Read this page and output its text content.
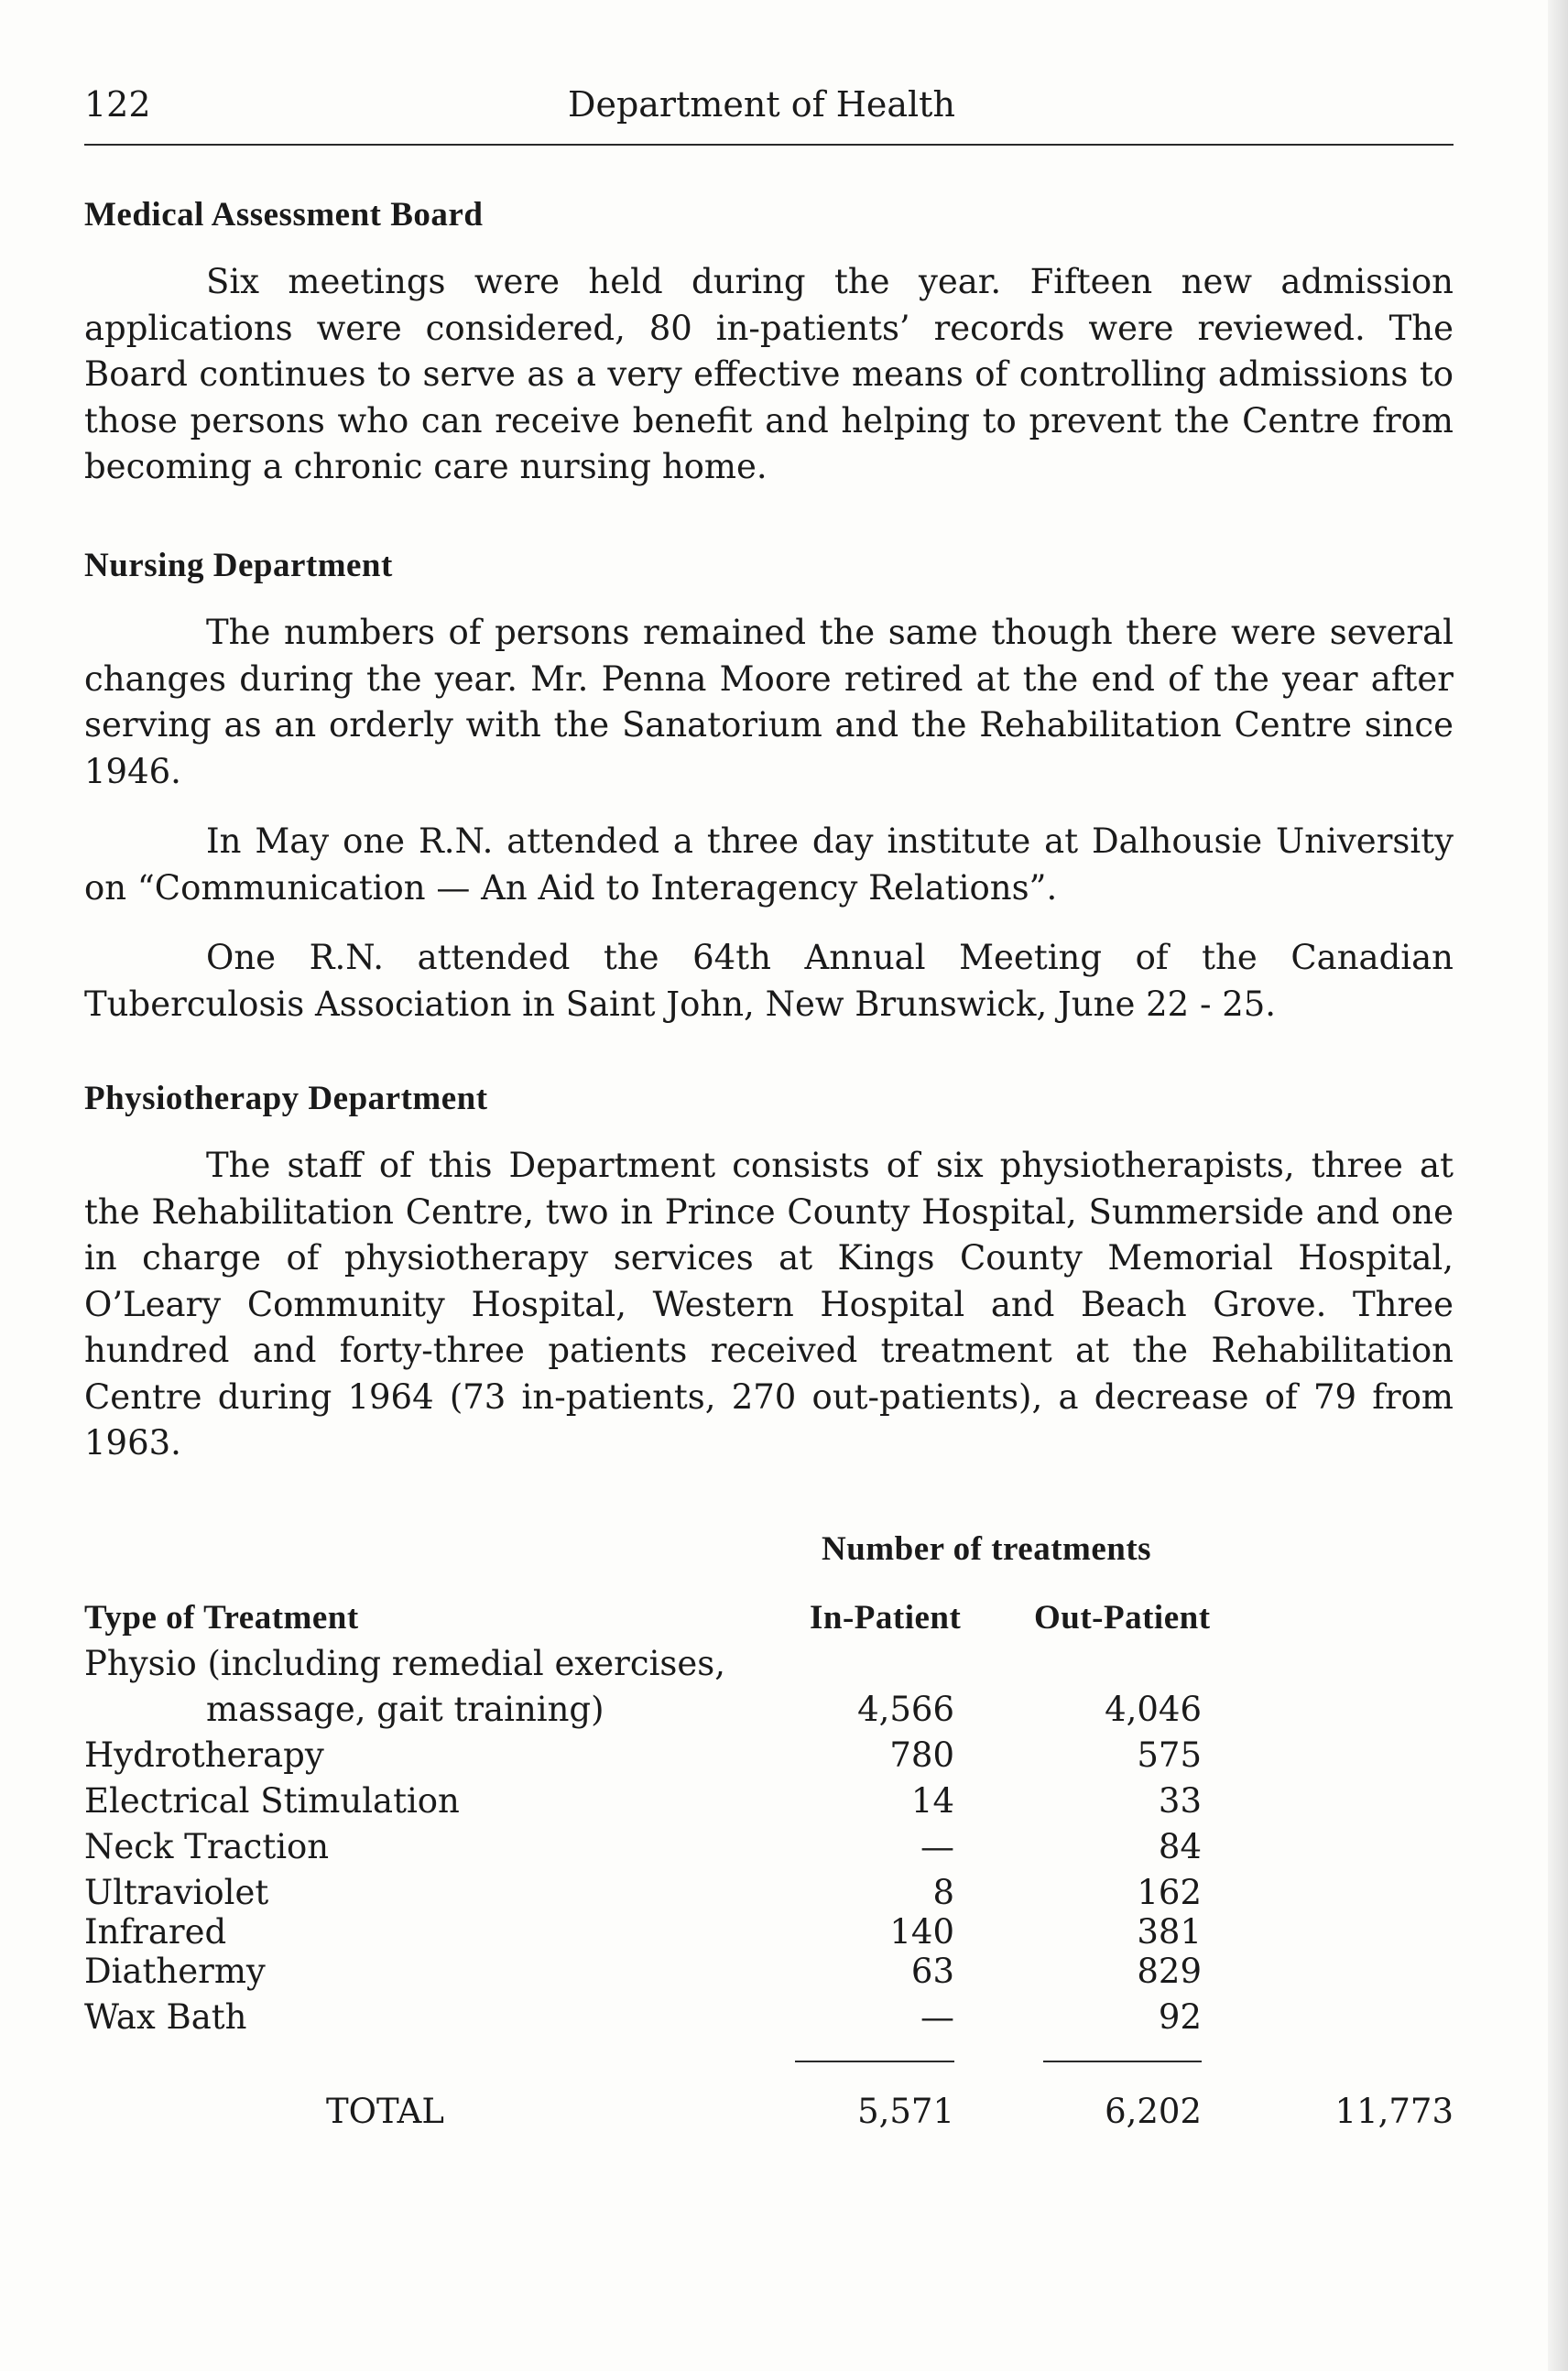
122	Department of Health
Medical Assessment Board

Six meetings were held during the year. Fifteen new admission applications were considered, 80 in-patients’ records were reviewed. The Board continues to serve as a very effective means of controlling admissions to those persons who can receive benefit and helping to prevent the Centre from becoming a chronic care nursing home.

Nursing Department

The numbers of persons remained the same though there were several changes during the year. Mr. Penna Moore retired at the end of the year after serving as an orderly with the Sanatorium and the Rehabilitation Centre since 1946.

In May one R.N. attended a three day institute at Dalhousie University on “Communication — An Aid to Interagency Relations”.

One R.N. attended the 64th Annual Meeting of the Canadian Tuberculosis Association in Saint John, New Brunswick, June 22 - 25.

Physiotherapy Department

The staff of this Department consists of six physiotherapists, three at the Rehabilitation Centre, two in Prince County Hospital, Summerside and one in charge of physiotherapy services at Kings County Memorial Hospital, O’Leary Community Hospital, Western Hospital and Beach Grove. Three hundred and forty-three patients received treatment at the Rehabilitation Centre during 1964 (73 in-patients, 270 out-patients), a decrease of 79 from 1963.

Number of treatments
Type of Treatment	In-Patient Out-Patient
Physio (including remedial exercises,
massage, gait training)	4,566	4,046
Hydrotherapy	780	575
Electrical Stimulation	14	33
Neck Traction	—	84
Ultraviolet	8	162
Infrared	140	381
Diathermy	63	829
Wax Bath	—	92
TOTAL	5,571	6,202	11,773
